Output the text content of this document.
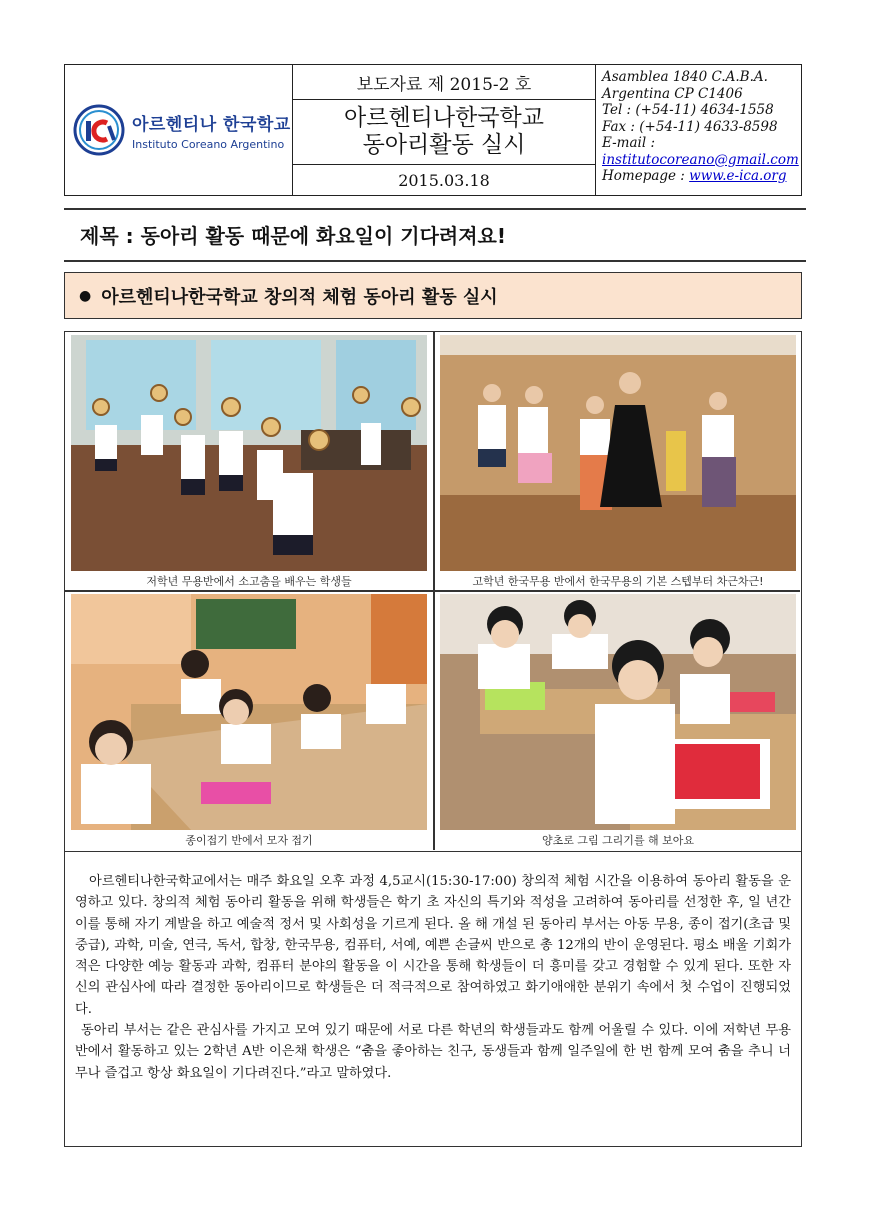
아르헨티나 한국학교
Instituto Coreano Argentino
보도자료 제 2015-2 호
아르헨티나한국학교
동아리활동 실시
2015.03.18
Asamblea 1840 C.A.B.A.
Argentina CP C1406
Tel : (+54-11) 4634-1558
Fax : (+54-11) 4633-8598
E-mail :
institutocoreano@gmail.com
Homepage : www.e-ica.org
제목 : 동아리 활동 때문에 화요일이 기다려져요!
● 아르헨티나한국학교 창의적 체험 동아리 활동 실시
저학년 무용반에서 소고춤을 배우는 학생들	고학년 한국무용 반에서 한국무용의 기본 스텝부터 차근차근!
종이접기 반에서 모자 접기	양초로 그림 그리기를 해 보아요

아르헨티나한국학교에서는 매주 화요일 오후 과정 4,5교시(15:30-17:00) 창의적 체험 시간을 이용하여 동아리 활동을 운영하고 있다. 창의적 체험 동아리 활동을 위해 학생들은 학기 초 자신의 특기와 적성을 고려하여 동아리를 선정한 후, 일 년간 이를 통해 자기 계발을 하고 예술적 정서 및 사회성을 기르게 된다. 올 해 개설 된 동아리 부서는 아동 무용, 종이 접기(초급 및 중급), 과학, 미술, 연극, 독서, 합창, 한국무용, 컴퓨터, 서예, 예쁜 손글씨 반으로 총 12개의 반이 운영된다. 평소 배울 기회가 적은 다양한 예능 활동과 과학, 컴퓨터 분야의 활동을 이 시간을 통해 학생들이 더 흥미를 갖고 경험할 수 있게 된다. 또한 자신의 관심사에 따라 결정한 동아리이므로 학생들은 더 적극적으로 참여하였고 화기애애한 분위기 속에서 첫 수업이 진행되었다.

동아리 부서는 같은 관심사를 가지고 모여 있기 때문에 서로 다른 학년의 학생들과도 함께 어울릴 수 있다. 이에 저학년 무용반에서 활동하고 있는 2학년 A반 이은채 학생은 “춤을 좋아하는 친구, 동생들과 함께 일주일에 한 번 함께 모여 춤을 추니 너무나 즐겁고 항상 화요일이 기다려진다.”라고 말하였다.
